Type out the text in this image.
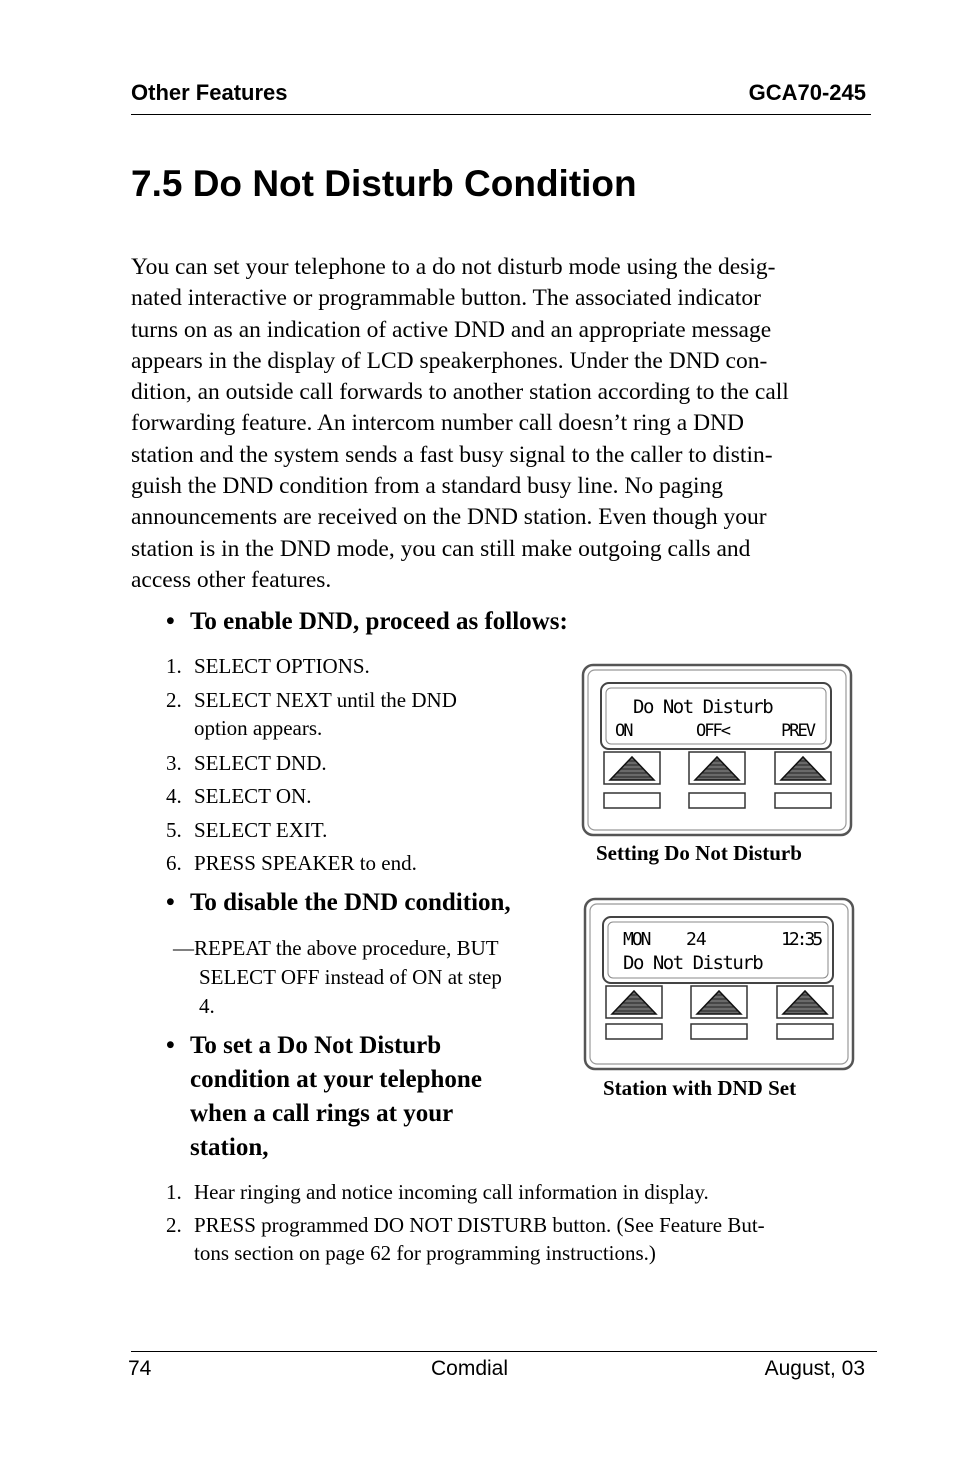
Other Features	GCA70-245
7.5 Do Not Disturb Condition
You can set your telephone to a do not disturb mode using the desig-
nated interactive or programmable button. The associated indicator
turns on as an indication of active DND and an appropriate message
appears in the display of LCD speakerphones. Under the DND con-
dition, an outside call forwards to another station according to the call
forwarding feature. An intercom number call doesn’t ring a DND
station and the system sends a fast busy signal to the caller to distin-
guish the DND condition from a standard busy line. No paging
announcements are received on the DND station. Even though your
station is in the DND mode, you can still make outgoing calls and
access other features.
• To enable DND, proceed as follows:
1. SELECT OPTIONS.
2. SELECT NEXT until the DND
option appears.
3. SELECT DND.
4. SELECT ON.
5. SELECT EXIT.
6. PRESS SPEAKER to end.
• To disable the DND condition,
—REPEAT the above procedure, BUT
SELECT OFF instead of ON at step
4.
• To set a Do Not Disturb
condition at your telephone
when a call rings at your
station,
1. Hear ringing and notice incoming call information in display.
2. PRESS programmed DO NOT DISTURB button. (See Feature But-
tons section on page 62 for programming instructions.)
Do Not Disturb
ON	OFF<	PREV
Setting Do Not Disturb
MON 24	12:35
Do Not Disturb
Station with DND Set
74	Comdial	August, 03
